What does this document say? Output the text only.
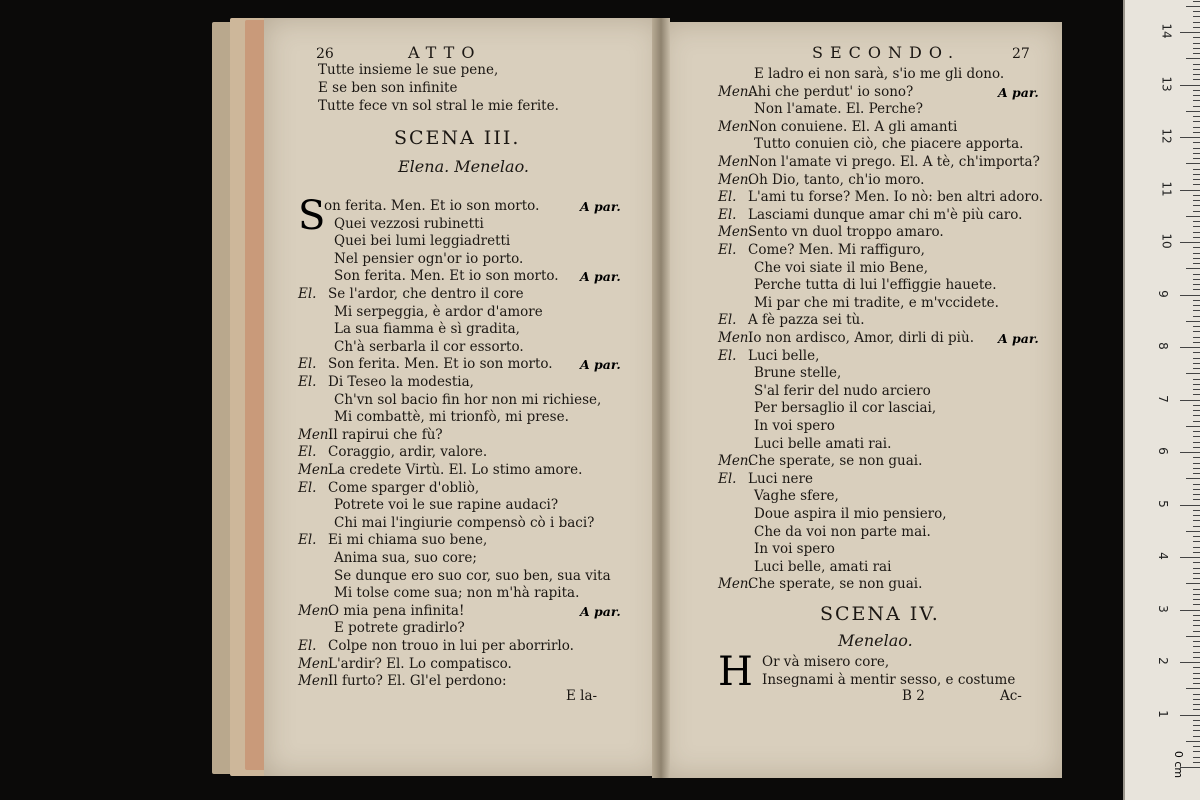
26	ATTO
Tutte insieme le sue pene,
E se ben son infinite
Tutte fece vn sol stral le mie ferite.
SCENA III.
Elena. Menelao.
S
on ferita. Men. Et io son morto.	A par.
Quei vezzosi rubinetti
Quei bei lumi leggiadretti
Nel pensier ogn'or io porto.
Son ferita. Men. Et io son morto. A par.
El. Se l'ardor, che dentro il core
Mi serpeggia, è ardor d'amore
La sua fiamma è sì gradita,
Ch'à serbarla il cor essorto.
El. Son ferita. Men. Et io son morto. A par.
El. Di Teseo la modestia,
Ch'vn sol bacio fin hor non mi richiese,
Mi combattè, mi trionfò, mi prese.
Men.
Il rapirui che fù?
El. Coraggio, ardir, valore.
Men.
La credete Virtù. El. Lo stimo amore.
El. Come sparger d'obliò,
Potrete voi le sue rapine audaci?
Chi mai l'ingiurie compensò cò i baci?
El. Ei mi chiama suo bene,
Anima sua, suo core;
Se dunque ero suo cor, suo ben, sua vita
Mi tolse come sua; non m'hà rapita.
Men.
O mia pena infinita!	A par.
E potrete gradirlo?
El. Colpe non trouo in lui per aborrirlo.
Men.
L'ardir? El. Lo compatisco.
Men.
Il furto? El. Gl'el perdono:
E la-
SECONDO.	27
E ladro ei non sarà, s'io me gli dono.
Men.
Ahi che perdut' io sono?	A par.
Non l'amate. El. Perche?
Men.
Non conuiene. El. A gli amanti
Tutto conuien ciò, che piacere apporta.
Men.
Non l'amate vi prego. El. A tè, ch'importa?
Men.
Oh Dio, tanto, ch'io moro.
El. L'ami tu forse? Men. Io nò: ben altri adoro.
El. Lasciami dunque amar chi m'è più caro.
Men.
Sento vn duol troppo amaro.
El. Come? Men. Mi raffiguro,
Che voi siate il mio Bene,
Perche tutta di lui l'effiggie hauete.
Mi par che mi tradite, e m'vccidete.
El. A fè pazza sei tù.
Men.
Io non ardisco, Amor, dirli di più. A par.
El. Luci belle,
Brune stelle,
S'al ferir del nudo arciero
Per bersaglio il cor lasciai,
In voi spero
Luci belle amati rai.
Men.
Che sperate, se non guai.
El. Luci nere
Vaghe sfere,
Doue aspira il mio pensiero,
Che da voi non parte mai.
In voi spero
Luci belle, amati rai
Men.
Che sperate, se non guai.
SCENA IV.
Menelao.
H Or và misero core,
Insegnami à mentir sesso, e costume
B 2	Ac-
14
13
12
11
10
9
8
7
6
5
4
3
2
1
0 cm
